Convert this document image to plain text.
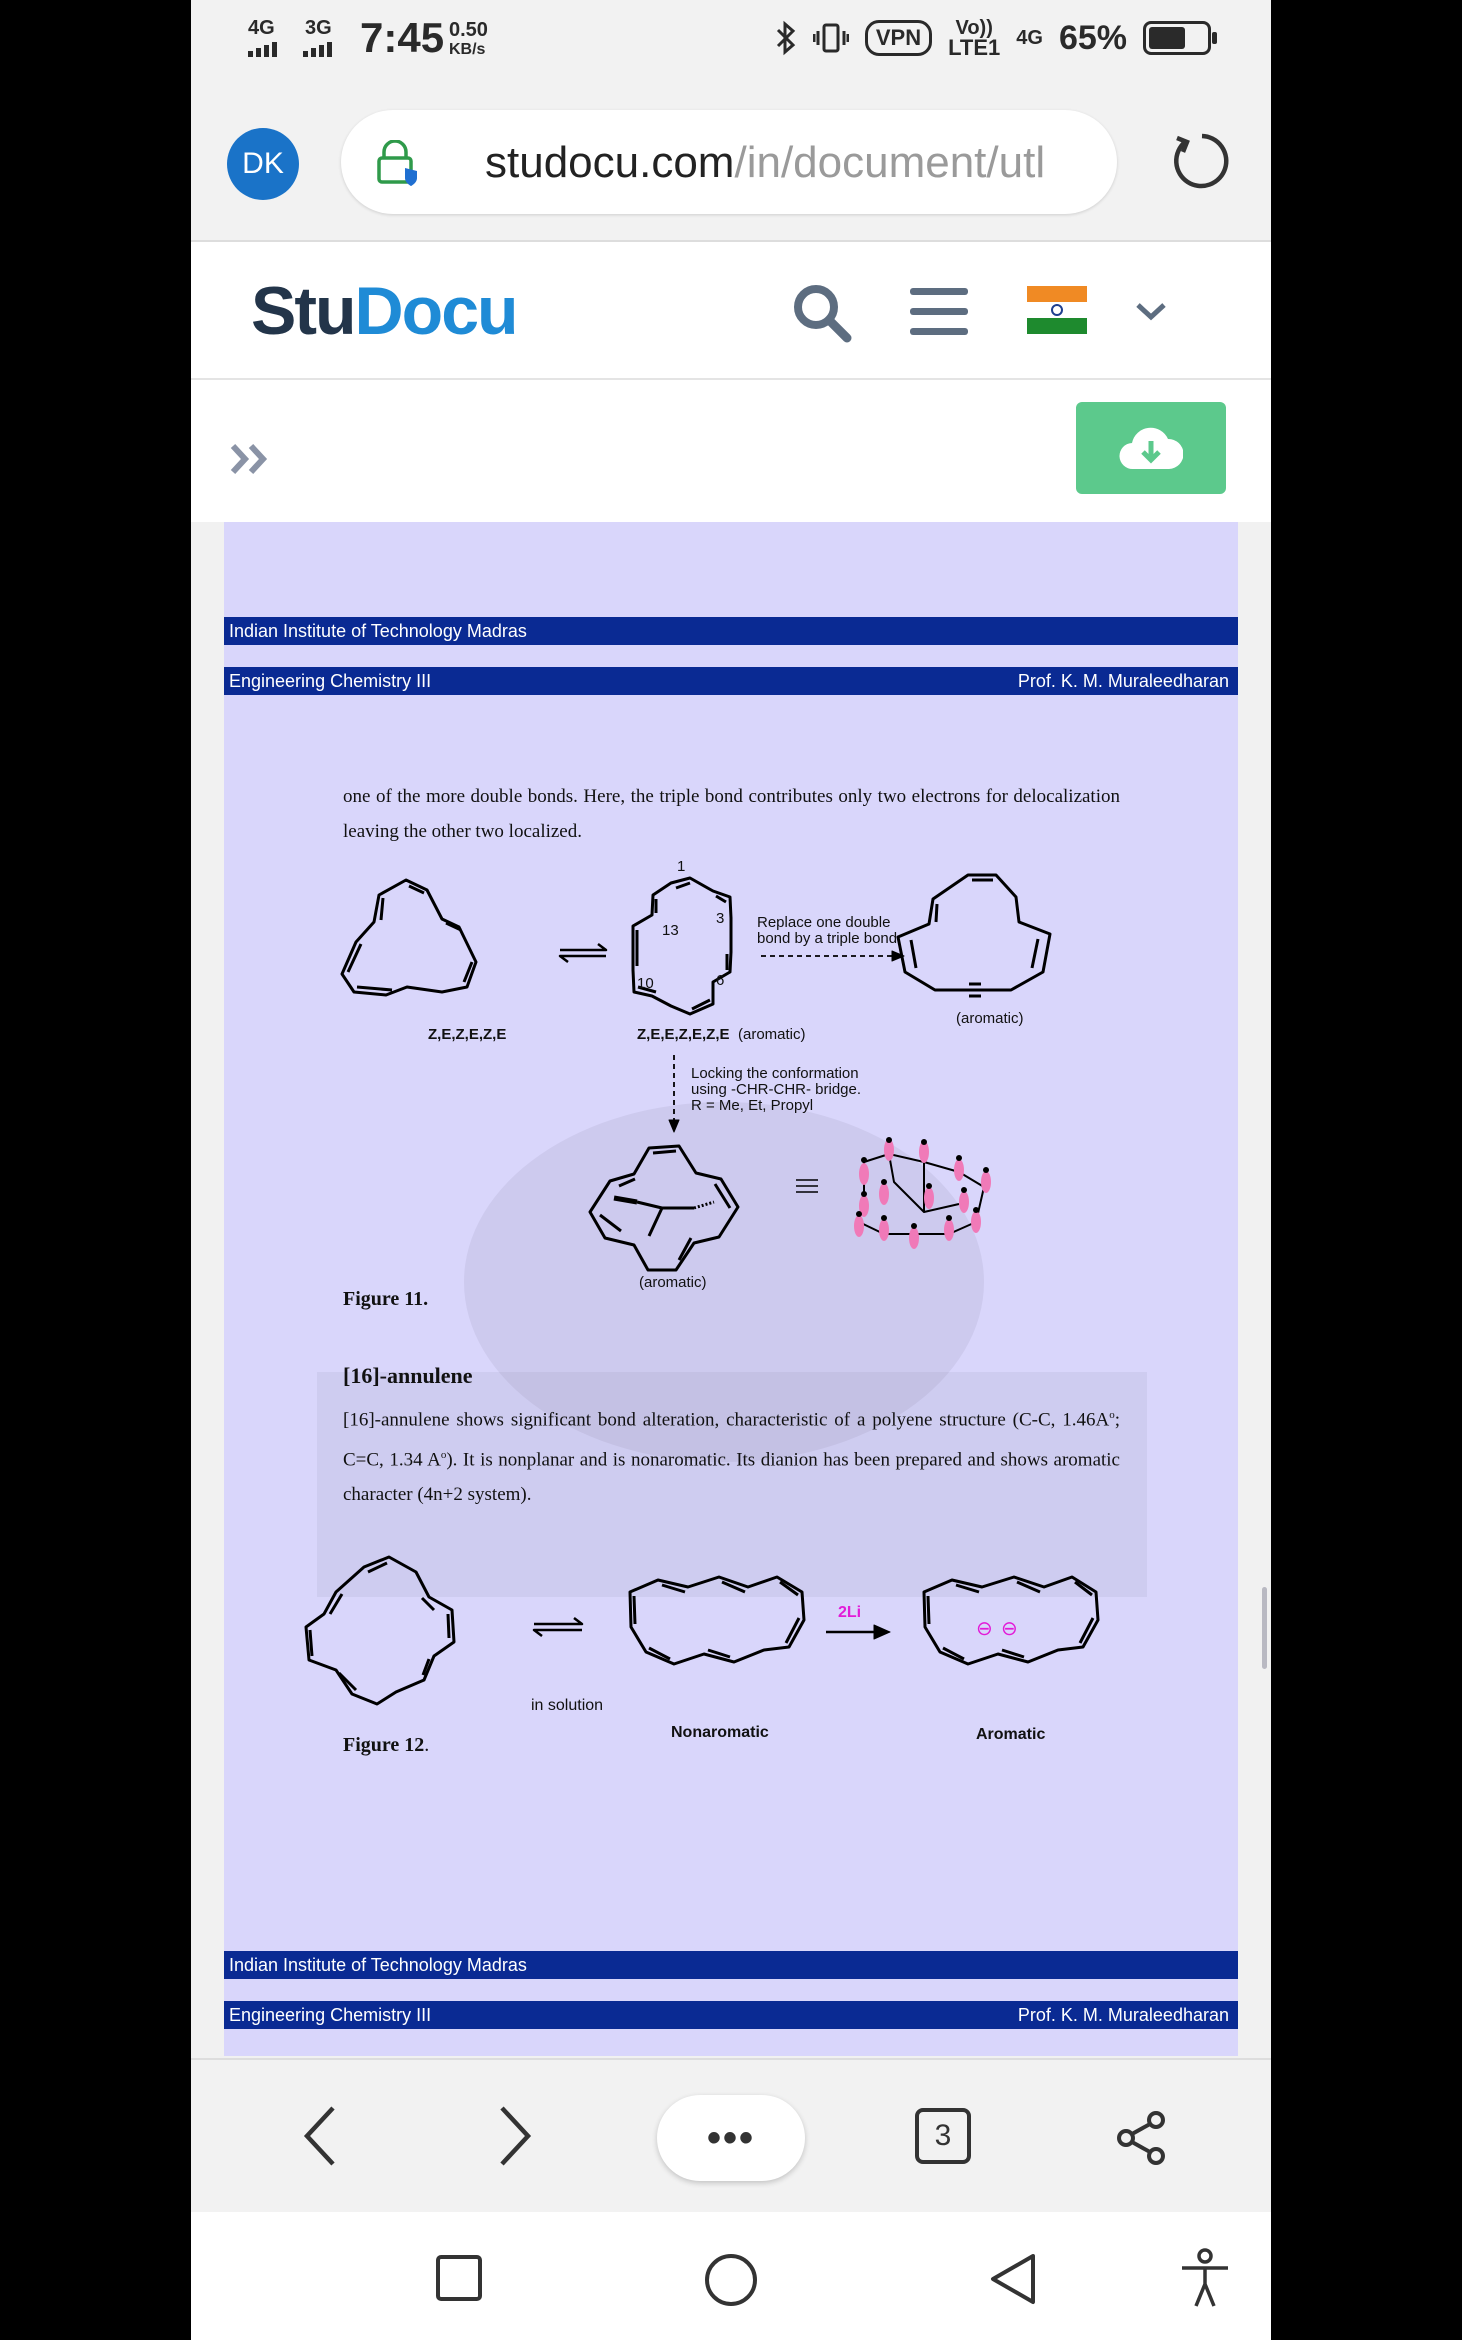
4G 3G 7:45 0.50
KB/s	VPN	Vo))
LTE1 4G 65%
DK	studocu.com/in/document/utl
StuDocu
Indian Institute of Technology Madras
Engineering Chemistry III	Prof. K. M. Muraleedharan
one of the more double bonds. Here, the triple bond contributes only two electrons for delocalization leaving the other two localized.
1
3
13
10	6
Replace one double
bond by a triple bond
(aromatic)
Locking the conformation
using -CHR-CHR- bridge.
R = Me, Et, Propyl
(aromatic)
Z,E,Z,E,Z,E	Z,E,E,Z,E,Z,E (aromatic)
Figure 11.
[16]-annulene
[16]-annulene shows significant bond alteration, characteristic of a polyene structure (C-C, $1.46A^o$; C=C, 1.34 $A^o$). It is nonplanar and is nonaromatic. Its dianion has been prepared and shows aromatic character (4n+2 system).
in solution
Nonaromatic	Aromatic
2Li
⊖ ⊖
Figure 12.
Indian Institute of Technology Madras
Engineering Chemistry III	Prof. K. M. Muraleedharan
•••	3
